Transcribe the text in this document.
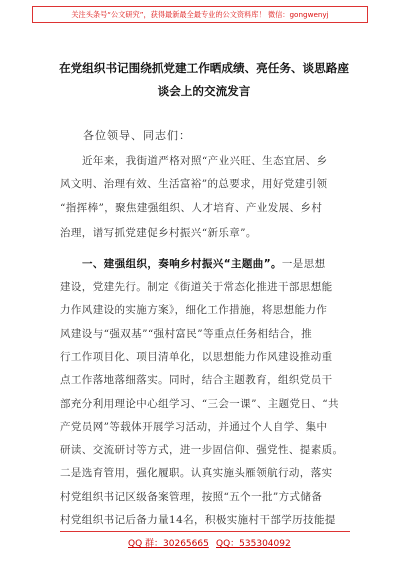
关注头条号“公文研究”，获得最新最全最专业的公文资料库！ 微信：gongwenyj
在党组织书记围绕抓党建工作晒成绩、亮任务、谈思路座
谈会上的交流发言
各位领导、同志们：
近年来，我街道严格对照“产业兴旺、生态宜居、乡
风文明、治理有效、生活富裕”的总要求，用好党建引领
“指挥棒”，聚焦建强组织、人才培育、产业发展、乡村
治理，谱写抓党建促乡村振兴“新乐章”。
一、建强组织，奏响乡村振兴“主题曲”。一是思想
建设，党建先行。制定《街道关于常态化推进干部思想能
力作风建设的实施方案》，细化工作措施，将思想能力作
风建设与“强双基”“强村富民”等重点任务相结合，推
行工作项目化、项目清单化，以思想能力作风建设推动重
点工作落地落细落实。同时，结合主题教育，组织党员干
部充分利用理论中心组学习、“三会一课”、主题党日、“共
产党员网”等载体开展学习活动，并通过个人自学、集中
研读、交流研讨等方式，进一步固信仰、强党性、提素质。
二是选育管用，强化履职。认真实施头雁领航行动，落实
村党组织书记区级备案管理，按照“五个一批”方式储备
村党组织书记后备力量14名，积极实施村干部学历技能提
QQ 群：30265665 QQ：535304092
